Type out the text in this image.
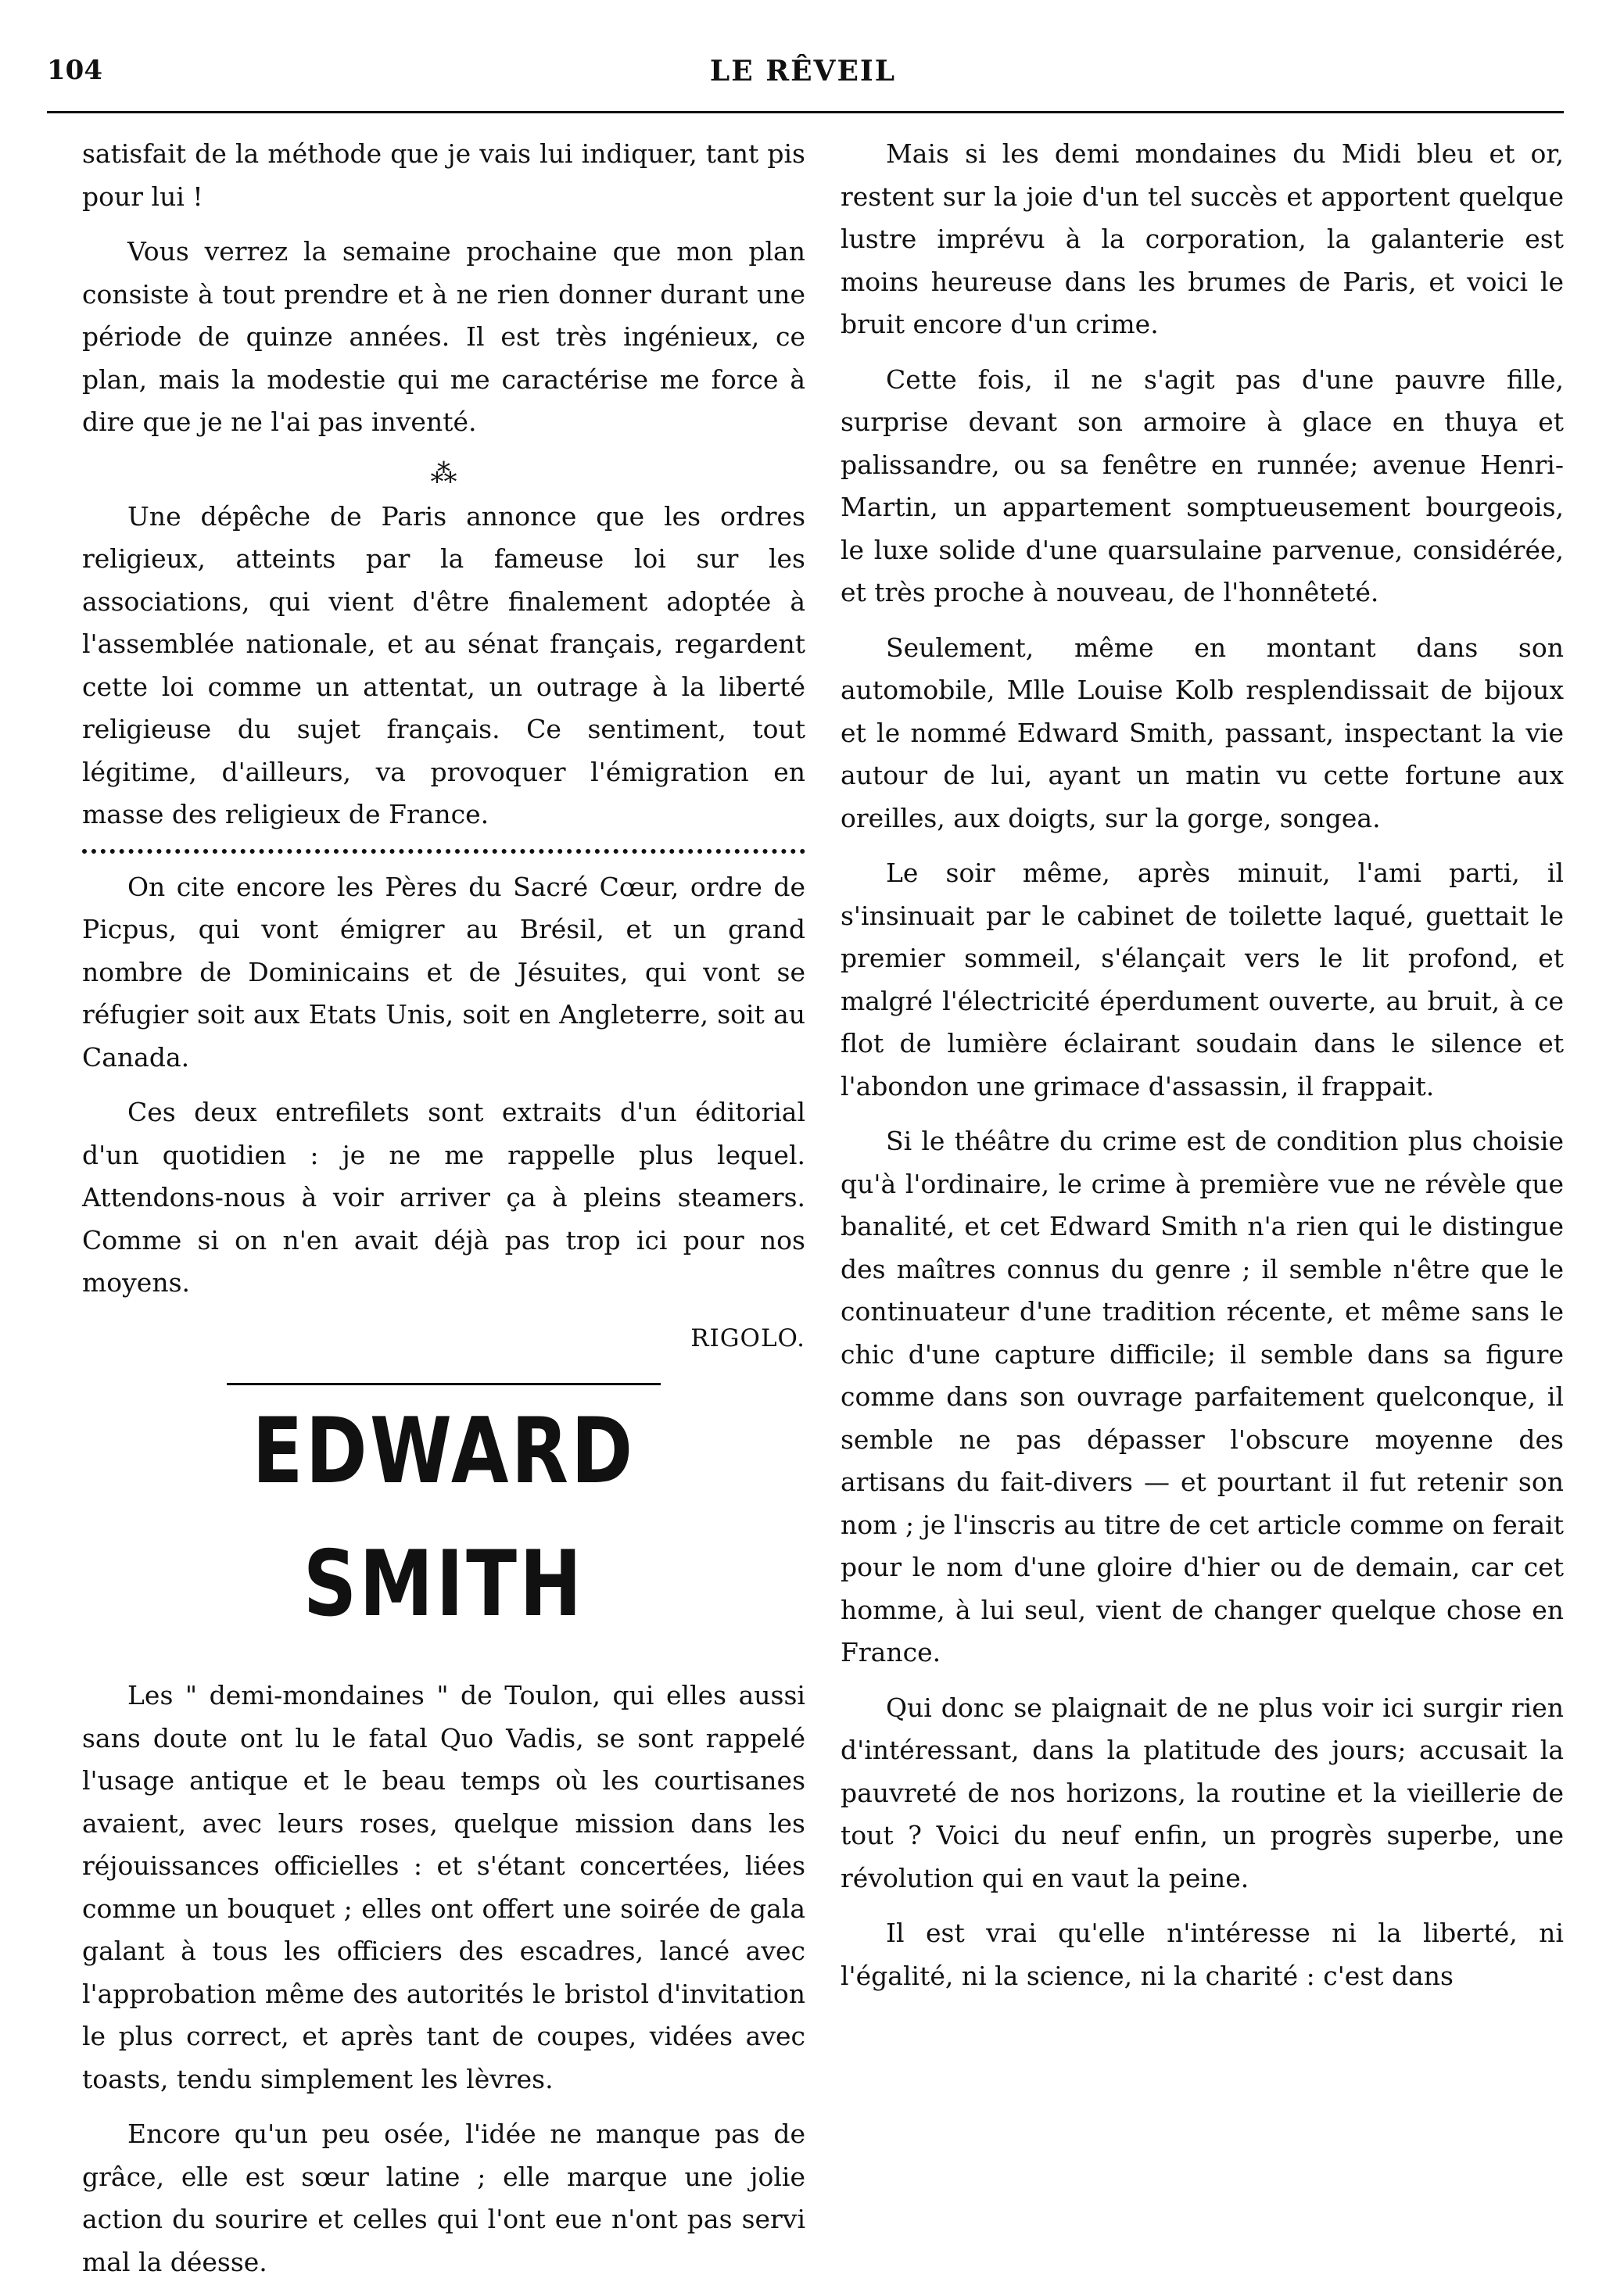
104	LE RÊVEIL

satisfait de la méthode que je vais lui indiquer, tant pis pour lui !

Vous verrez la semaine prochaine que mon plan consiste à tout prendre et à ne rien donner durant une période de quinze années. Il est très ingénieux, ce plan, mais la modestie qui me caractérise me force à dire que je ne l'ai pas inventé.

⁂

Une dépêche de Paris annonce que les ordres religieux, atteints par la fameuse loi sur les associations, qui vient d'être finalement adoptée à l'assemblée nationale, et au sénat français, regardent cette loi comme un attentat, un outrage à la liberté religieuse du sujet français. Ce sentiment, tout légitime, d'ailleurs, va provoquer l'émigration en masse des religieux de France.

On cite encore les Pères du Sacré Cœur, ordre de Picpus, qui vont émigrer au Brésil, et un grand nombre de Dominicains et de Jésuites, qui vont se réfugier soit aux Etats Unis, soit en Angleterre, soit au Canada.

Ces deux entrefilets sont extraits d'un éditorial d'un quotidien : je ne me rappelle plus lequel. Attendons-nous à voir arriver ça à pleins steamers. Comme si on n'en avait déjà pas trop ici pour nos moyens.

RIGOLO.
EDWARD SMITH

Les " demi-mondaines " de Toulon, qui elles aussi sans doute ont lu le fatal Quo Vadis, se sont rappelé l'usage antique et le beau temps où les courtisanes avaient, avec leurs roses, quelque mission dans les réjouissances officielles : et s'étant concertées, liées comme un bouquet ; elles ont offert une soirée de gala galant à tous les officiers des escadres, lancé avec l'approbation même des autorités le bristol d'invitation le plus correct, et après tant de coupes, vidées avec toasts, tendu simplement les lèvres.

Encore qu'un peu osée, l'idée ne manque pas de grâce, elle est sœur latine ; elle marque une jolie action du sourire et celles qui l'ont eue n'ont pas servi mal la déesse.

Mais si les demi mondaines du Midi bleu et or, restent sur la joie d'un tel succès et apportent quelque lustre imprévu à la corporation, la galanterie est moins heureuse dans les brumes de Paris, et voici le bruit encore d'un crime.

Cette fois, il ne s'agit pas d'une pauvre fille, surprise devant son armoire à glace en thuya et palissandre, ou sa fenêtre en runnée; avenue Henri-Martin, un appartement somptueusement bourgeois, le luxe solide d'une quarsulaine parvenue, considérée, et très proche à nouveau, de l'honnêteté.

Seulement, même en montant dans son automobile, Mlle Louise Kolb resplendissait de bijoux et le nommé Edward Smith, passant, inspectant la vie autour de lui, ayant un matin vu cette fortune aux oreilles, aux doigts, sur la gorge, songea.

Le soir même, après minuit, l'ami parti, il s'insinuait par le cabinet de toilette laqué, guettait le premier sommeil, s'élançait vers le lit profond, et malgré l'électricité éperdument ouverte, au bruit, à ce flot de lumière éclairant soudain dans le silence et l'abondon une grimace d'assassin, il frappait.

Si le théâtre du crime est de condition plus choisie qu'à l'ordinaire, le crime à première vue ne révèle que banalité, et cet Edward Smith n'a rien qui le distingue des maîtres connus du genre ; il semble n'être que le continuateur d'une tradition récente, et même sans le chic d'une capture difficile; il semble dans sa figure comme dans son ouvrage parfaitement quelconque, il semble ne pas dépasser l'obscure moyenne des artisans du fait-divers — et pourtant il fut retenir son nom ; je l'inscris au titre de cet article comme on ferait pour le nom d'une gloire d'hier ou de demain, car cet homme, à lui seul, vient de changer quelque chose en France.

Qui donc se plaignait de ne plus voir ici surgir rien d'intéressant, dans la platitude des jours; accusait la pauvreté de nos horizons, la routine et la vieillerie de tout ? Voici du neuf enfin, un progrès superbe, une révolution qui en vaut la peine.

Il est vrai qu'elle n'intéresse ni la liberté, ni l'égalité, ni la science, ni la charité : c'est dans
